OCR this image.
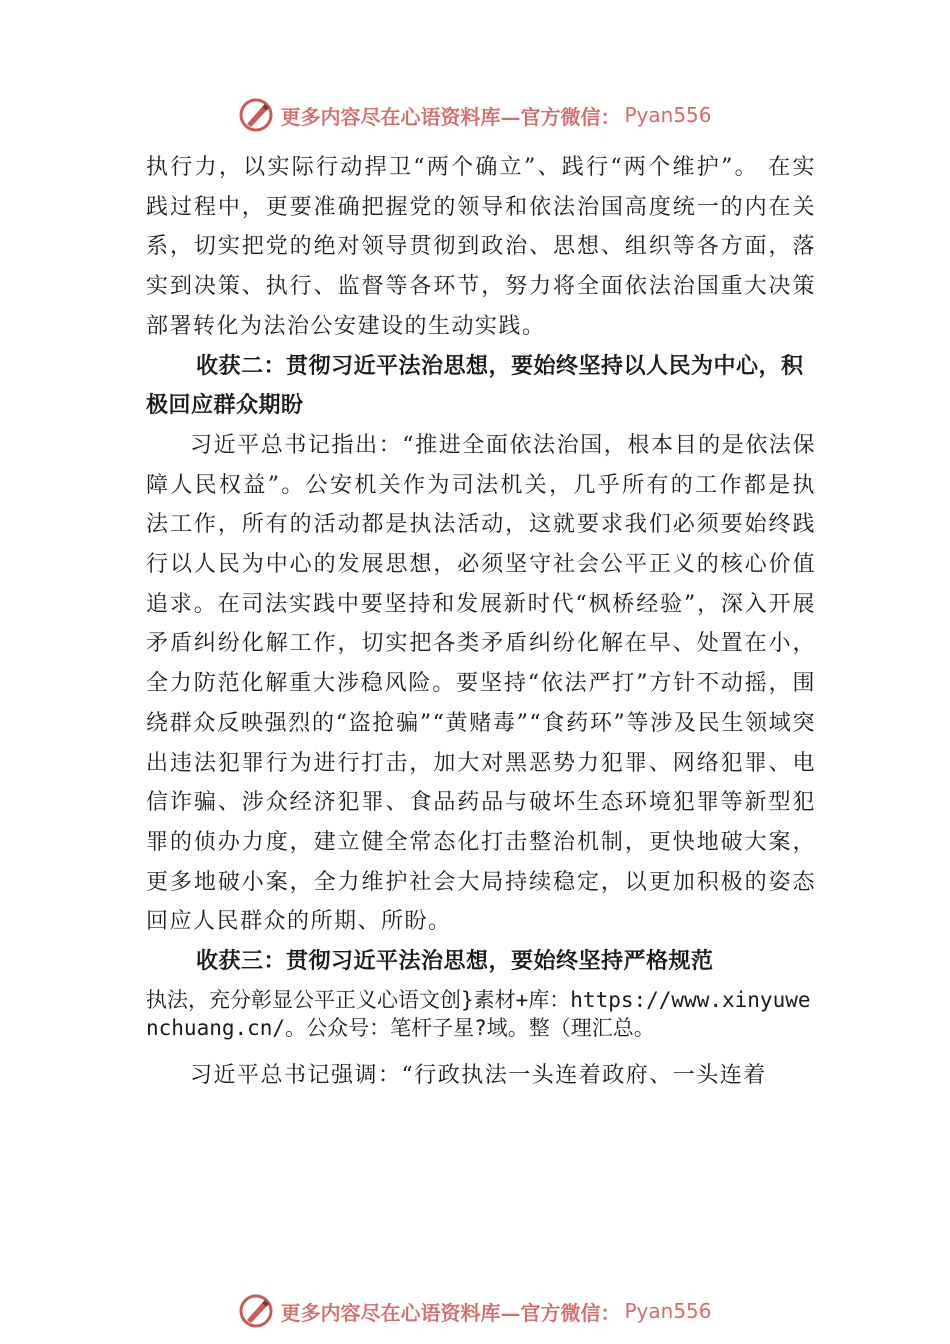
更多内容尽在心语资料库— 官方微信： Pyan556

执行力，以实际行动捍卫“两个确立”、践行“两个维护”。 在实践过程中，更要准确把握党的领导和依法治国高度统一的内在关系，切实把党的绝对领导贯彻到政治、思想、组织等各方面，落实到决策、执行、监督等各环节，努力将全面依法治国重大决策部署转化为法治公安建设的生动实践。

收获二：贯彻习近平法治思想，要始终坚持以人民为中心，积极回应群众期盼

习近平总书记指出：“推进全面依法治国，根本目的是依法保障人民权益”。公安机关作为司法机关，几乎所有的工作都是执法工作，所有的活动都是执法活动，这就要求我们必须要始终践行以人民为中心的发展思想，必须坚守社会公平正义的核心价值追求。在司法实践中要坚持和发展新时代“枫桥经验”，深入开展矛盾纠纷化解工作，切实把各类矛盾纠纷化解在早、处置在小，全力防范化解重大涉稳风险。要坚持“依法严打”方针不动摇，围绕群众反映强烈的“盗抢骗”“黄赌毒”“食药环”等涉及民生领域突出违法犯罪行为进行打击，加大对黑恶势力犯罪、网络犯罪、电信诈骗、涉众经济犯罪、食品药品与破坏生态环境犯罪等新型犯罪的侦办力度，建立健全常态化打击整治机制，更快地破大案，更多地破小案，全力维护社会大局持续稳定，以更加积极的姿态回应人民群众的所期、所盼。

收获三：贯彻习近平法治思想，要始终坚持严格规范

执法，充分彰显公平正义心语文创}素材+库：https://www.xinyuwenchuang.cn/。公众号：笔杆子星?域。整（理汇总。

习近平总书记强调：“行政执法一头连着政府、一头连着

更多内容尽在心语资料库— 官方微信： Pyan556
